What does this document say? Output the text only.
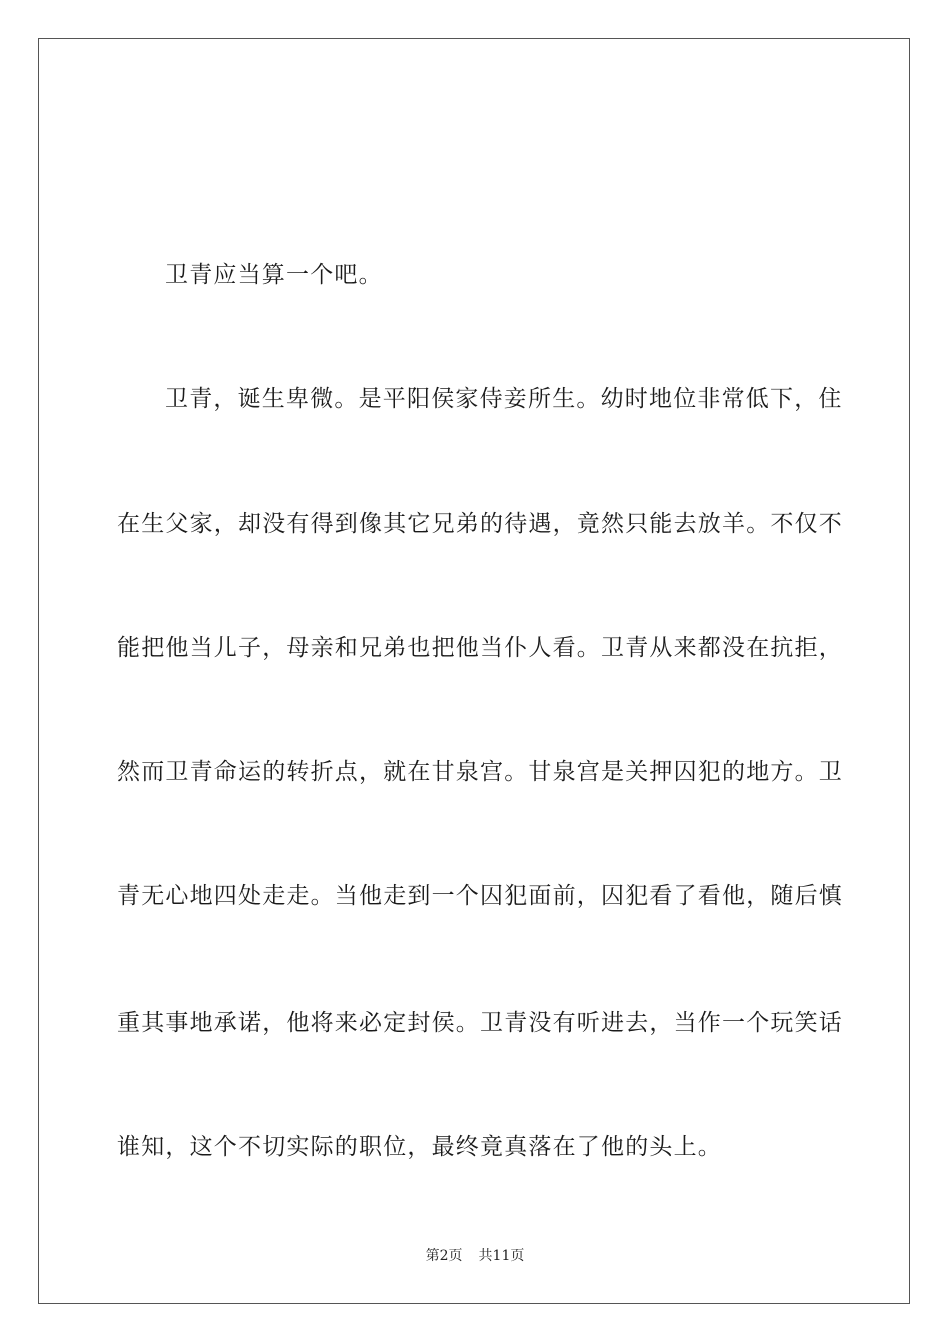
卫青应当算一个吧。
卫青，诞生卑微。是平阳侯家侍妾所生。幼时地位非常低下，住
在生父家，却没有得到像其它兄弟的待遇，竟然只能去放羊。不仅不
能把他当儿子，母亲和兄弟也把他当仆人看。卫青从来都没在抗拒，
然而卫青命运的转折点，就在甘泉宫。甘泉宫是关押囚犯的地方。卫
青无心地四处走走。当他走到一个囚犯面前，囚犯看了看他，随后慎
重其事地承诺，他将来必定封侯。卫青没有听进去，当作一个玩笑话
谁知，这个不切实际的职位，最终竟真落在了他的头上。
第2页 共11页
